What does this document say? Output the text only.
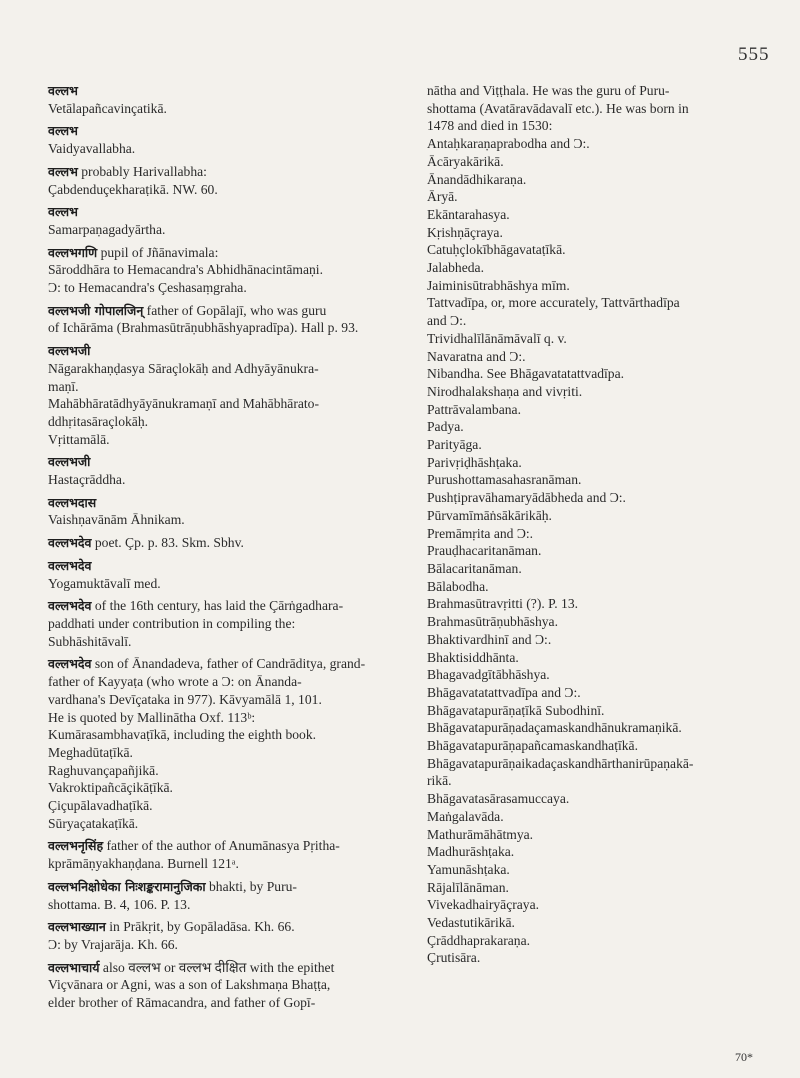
555
वल्लभ
Vetālapañcavinçatikā.
वल्लभ
Vaidyavallabha.
वल्लभ probably Harivallabha:
Çabdenduçekharaṭikā. NW. 60.
वल्लभ
Samarpaṇagadyārtha.
वल्लभगणि pupil of Jñānavimala:
Sāroddhāra to Hemacandra's Abhidhānacintāmaṇi.
Ɔ: to Hemacandra's Çeshasaṃgraha.
वल्लभजी गोपालजिन् father of Gopālajī, who was guru
of Ichārāma (Brahmasūtrāṇubhāshyapradīpa). Hall p. 93.
वल्लभजी
Nāgarakhaṇḍasya Sāraçlokāḥ and Adhyāyānukra-
maṇī.
Mahābhāratādhyāyānukramaṇī and Mahābhārato-
ddhṛitasāraçlokāḥ.
Vṛittamālā.
वल्लभजी
Hastaçrāddha.
वल्लभदास
Vaishṇavānām Āhnikam.
वल्लभदेव poet. Çp. p. 83. Skm. Sbhv.
वल्लभदेव
Yogamuktāvalī med.
वल्लभदेव of the 16th century, has laid the Çārṅgadhara-
paddhati under contribution in compiling the:
Subhāshitāvalī.
वल्लभदेव son of Ānandadeva, father of Candrāditya, grand-
father of Kayyaṭa (who wrote a Ɔ: on Ānanda-
vardhana's Devīçataka in 977). Kāvyamālā 1, 101.
He is quoted by Mallinātha Oxf. 113ᵇ:
Kumārasambhavaṭīkā, including the eighth book.
Meghadūtaṭīkā.
Raghuvançapañjikā.
Vakroktipañcāçikāṭīkā.
Çiçupālavadhaṭīkā.
Sūryaçatakaṭīkā.
वल्लभनृसिंह father of the author of Anumānasya Pṛitha-
kprāmāṇyakhaṇḍana. Burnell 121ᵃ.
वल्लभनिक्षोधेका निःशङ्करामानुजिका bhakti, by Puru-
shottama. B. 4, 106. P. 13.
वल्लभाख्यान in Prākṛit, by Gopāladāsa. Kh. 66.
Ɔ: by Vrajarāja. Kh. 66.
वल्लभाचार्य also वल्लभ or वल्लभ दीक्षित with the epithet
Viçvānara or Agni, was a son of Lakshmaṇa Bhaṭṭa,
elder brother of Rāmacandra, and father of Gopī-
nātha and Viṭṭhala. He was the guru of Puru-
shottama (Avatāravādavalī etc.). He was born in
1478 and died in 1530:
Antaḥkaraṇaprabodha and Ɔ:.
Ācāryakārikā.
Ānandādhikaraṇa.
Āryā.
Ekāntarahasya.
Kṛishṇāçraya.
Catuḥçlokībhāgavataṭīkā.
Jalabheda.
Jaiminisūtrabhāshya mīm.
Tattvadīpa, or, more accurately, Tattvārthadīpa
and Ɔ:.
Trividhalīlānāmāvalī q. v.
Navaratna and Ɔ:.
Nibandha. See Bhāgavatatattvadīpa.
Nirodhalakshaṇa and vivṛiti.
Pattrāvalambana.
Padya.
Parityāga.
Parivṛiḍhāshṭaka.
Purushottamasahasranāman.
Pushṭipravāhamaryādābheda and Ɔ:.
Pūrvamīmāṅsākārikāḥ.
Premāmṛita and Ɔ:.
Prauḍhacaritanāman.
Bālacaritanāman.
Bālabodha.
Brahmasūtravṛitti (?). P. 13.
Brahmasūtrāṇubhāshya.
Bhaktivardhinī and Ɔ:.
Bhaktisiddhānta.
Bhagavadgītābhāshya.
Bhāgavatatattvadīpa and Ɔ:.
Bhāgavatapurāṇaṭīkā Subodhinī.
Bhāgavatapurāṇadaçamaskandhānukramaṇikā.
Bhāgavatapurāṇapañcamaskandhaṭīkā.
Bhāgavatapurāṇaikadaçaskandhārthanirūpaṇakā-
rikā.
Bhāgavatasārasamuccaya.
Maṅgalavāda.
Mathurāmāhātmya.
Madhurāshṭaka.
Yamunāshṭaka.
Rājalīlānāman.
Vivekadhairyāçraya.
Vedastutikārikā.
Çrāddhaprakaraṇa.
Çrutisāra.
70*
